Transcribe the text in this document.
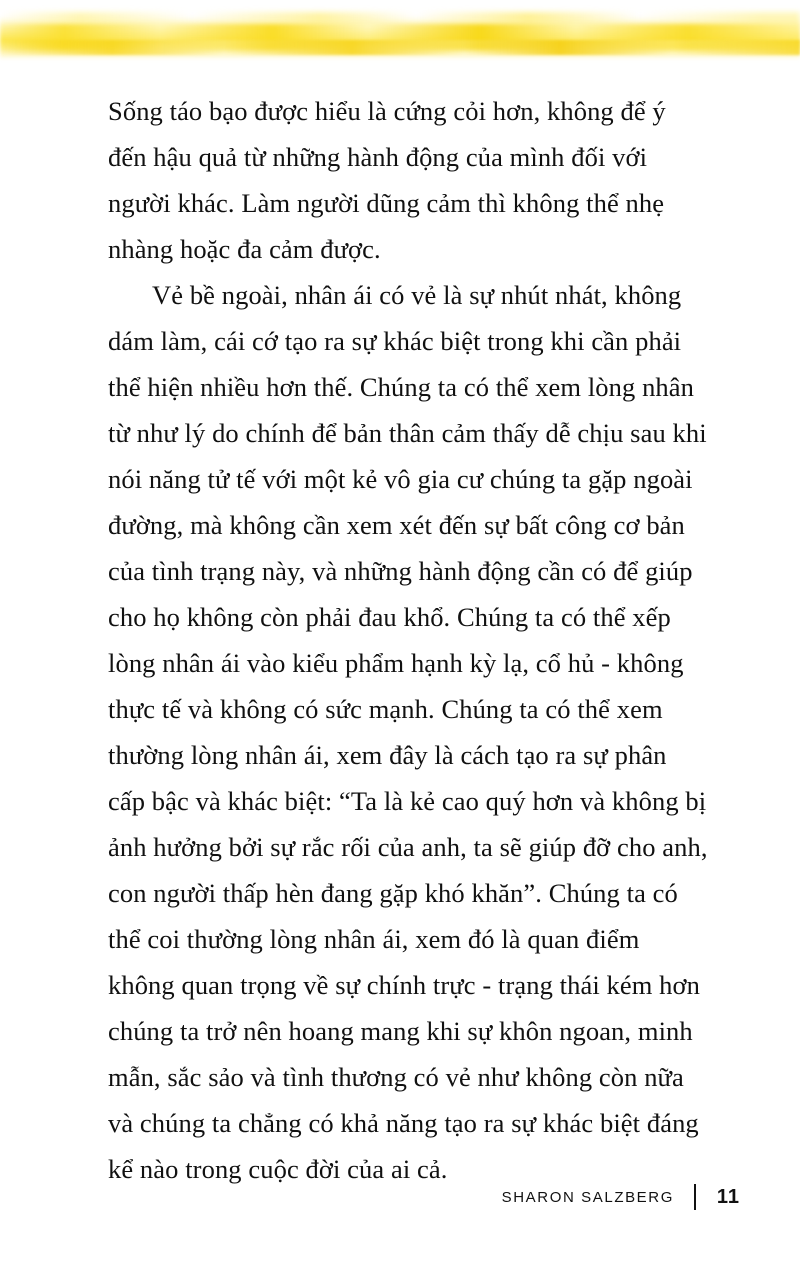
Sống táo bạo được hiểu là cứng cỏi hơn, không để ý đến hậu quả từ những hành động của mình đối với người khác. Làm người dũng cảm thì không thể nhẹ nhàng hoặc đa cảm được.

Vẻ bề ngoài, nhân ái có vẻ là sự nhút nhát, không dám làm, cái cớ tạo ra sự khác biệt trong khi cần phải thể hiện nhiều hơn thế. Chúng ta có thể xem lòng nhân từ như lý do chính để bản thân cảm thấy dễ chịu sau khi nói năng tử tế với một kẻ vô gia cư chúng ta gặp ngoài đường, mà không cần xem xét đến sự bất công cơ bản của tình trạng này, và những hành động cần có để giúp cho họ không còn phải đau khổ. Chúng ta có thể xếp lòng nhân ái vào kiểu phẩm hạnh kỳ lạ, cổ hủ - không thực tế và không có sức mạnh. Chúng ta có thể xem thường lòng nhân ái, xem đây là cách tạo ra sự phân cấp bậc và khác biệt: “Ta là kẻ cao quý hơn và không bị ảnh hưởng bởi sự rắc rối của anh, ta sẽ giúp đỡ cho anh, con người thấp hèn đang gặp khó khăn”. Chúng ta có thể coi thường lòng nhân ái, xem đó là quan điểm không quan trọng về sự chính trực - trạng thái kém hơn chúng ta trở nên hoang mang khi sự khôn ngoan, minh mẫn, sắc sảo và tình thương có vẻ như không còn nữa và chúng ta chẳng có khả năng tạo ra sự khác biệt đáng kể nào trong cuộc đời của ai cả.

SHARON SALZBERG 11
